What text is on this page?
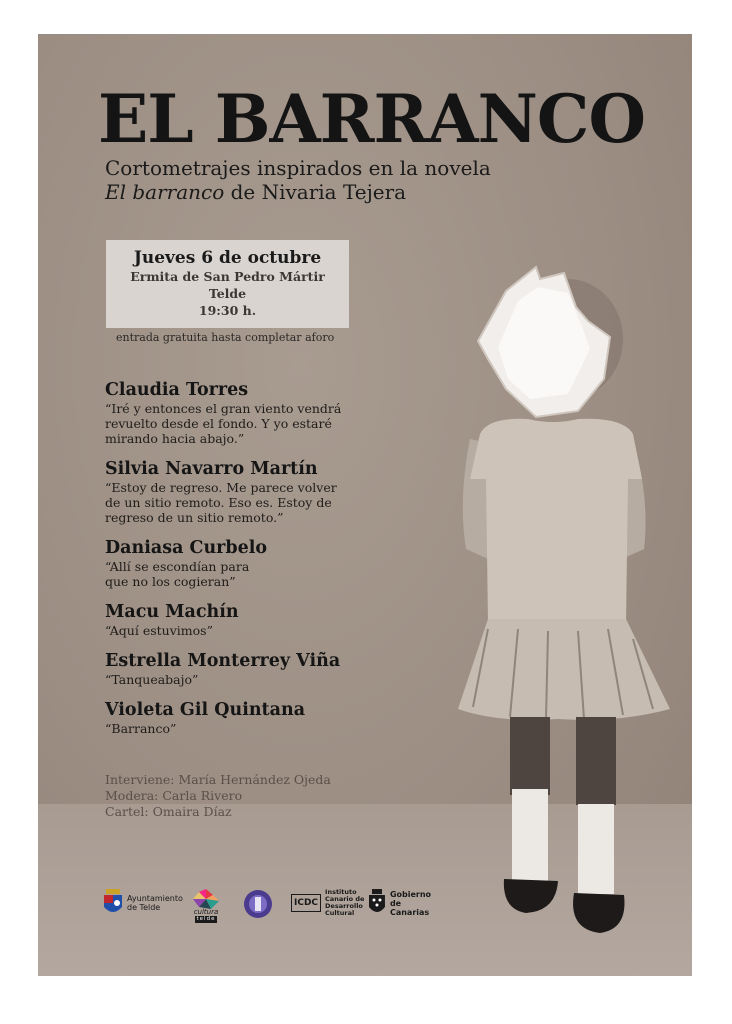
EL BARRANCO
Cortometrajes inspirados en la novela
El barranco de Nivaria Tejera
Jueves 6 de octubre
Ermita de San Pedro Mártir
Telde
19:30 h.
entrada gratuita hasta completar aforo
Claudia Torres
“Iré y entonces el gran viento vendrá
revuelto desde el fondo. Y yo estaré
mirando hacia abajo.”
Silvia Navarro Martín
“Estoy de regreso. Me parece volver
de un sitio remoto. Eso es. Estoy de
regreso de un sitio remoto.”
Daniasa Curbelo
“Allí se escondían para
que no los cogieran”
Macu Machín
“Aquí estuvimos”
Estrella Monterrey Viña
“Tanqueabajo”
Violeta Gil Quintana
“Barranco”
Interviene: María Hernández Ojeda
Modera: Carla Rivero
Cartel: Omaira Díaz
Ayuntamiento
de Telde	cultura
telde
ICDC
Instituto
Canario de
Desarrollo
Cultural
Gobierno
de Canarias
